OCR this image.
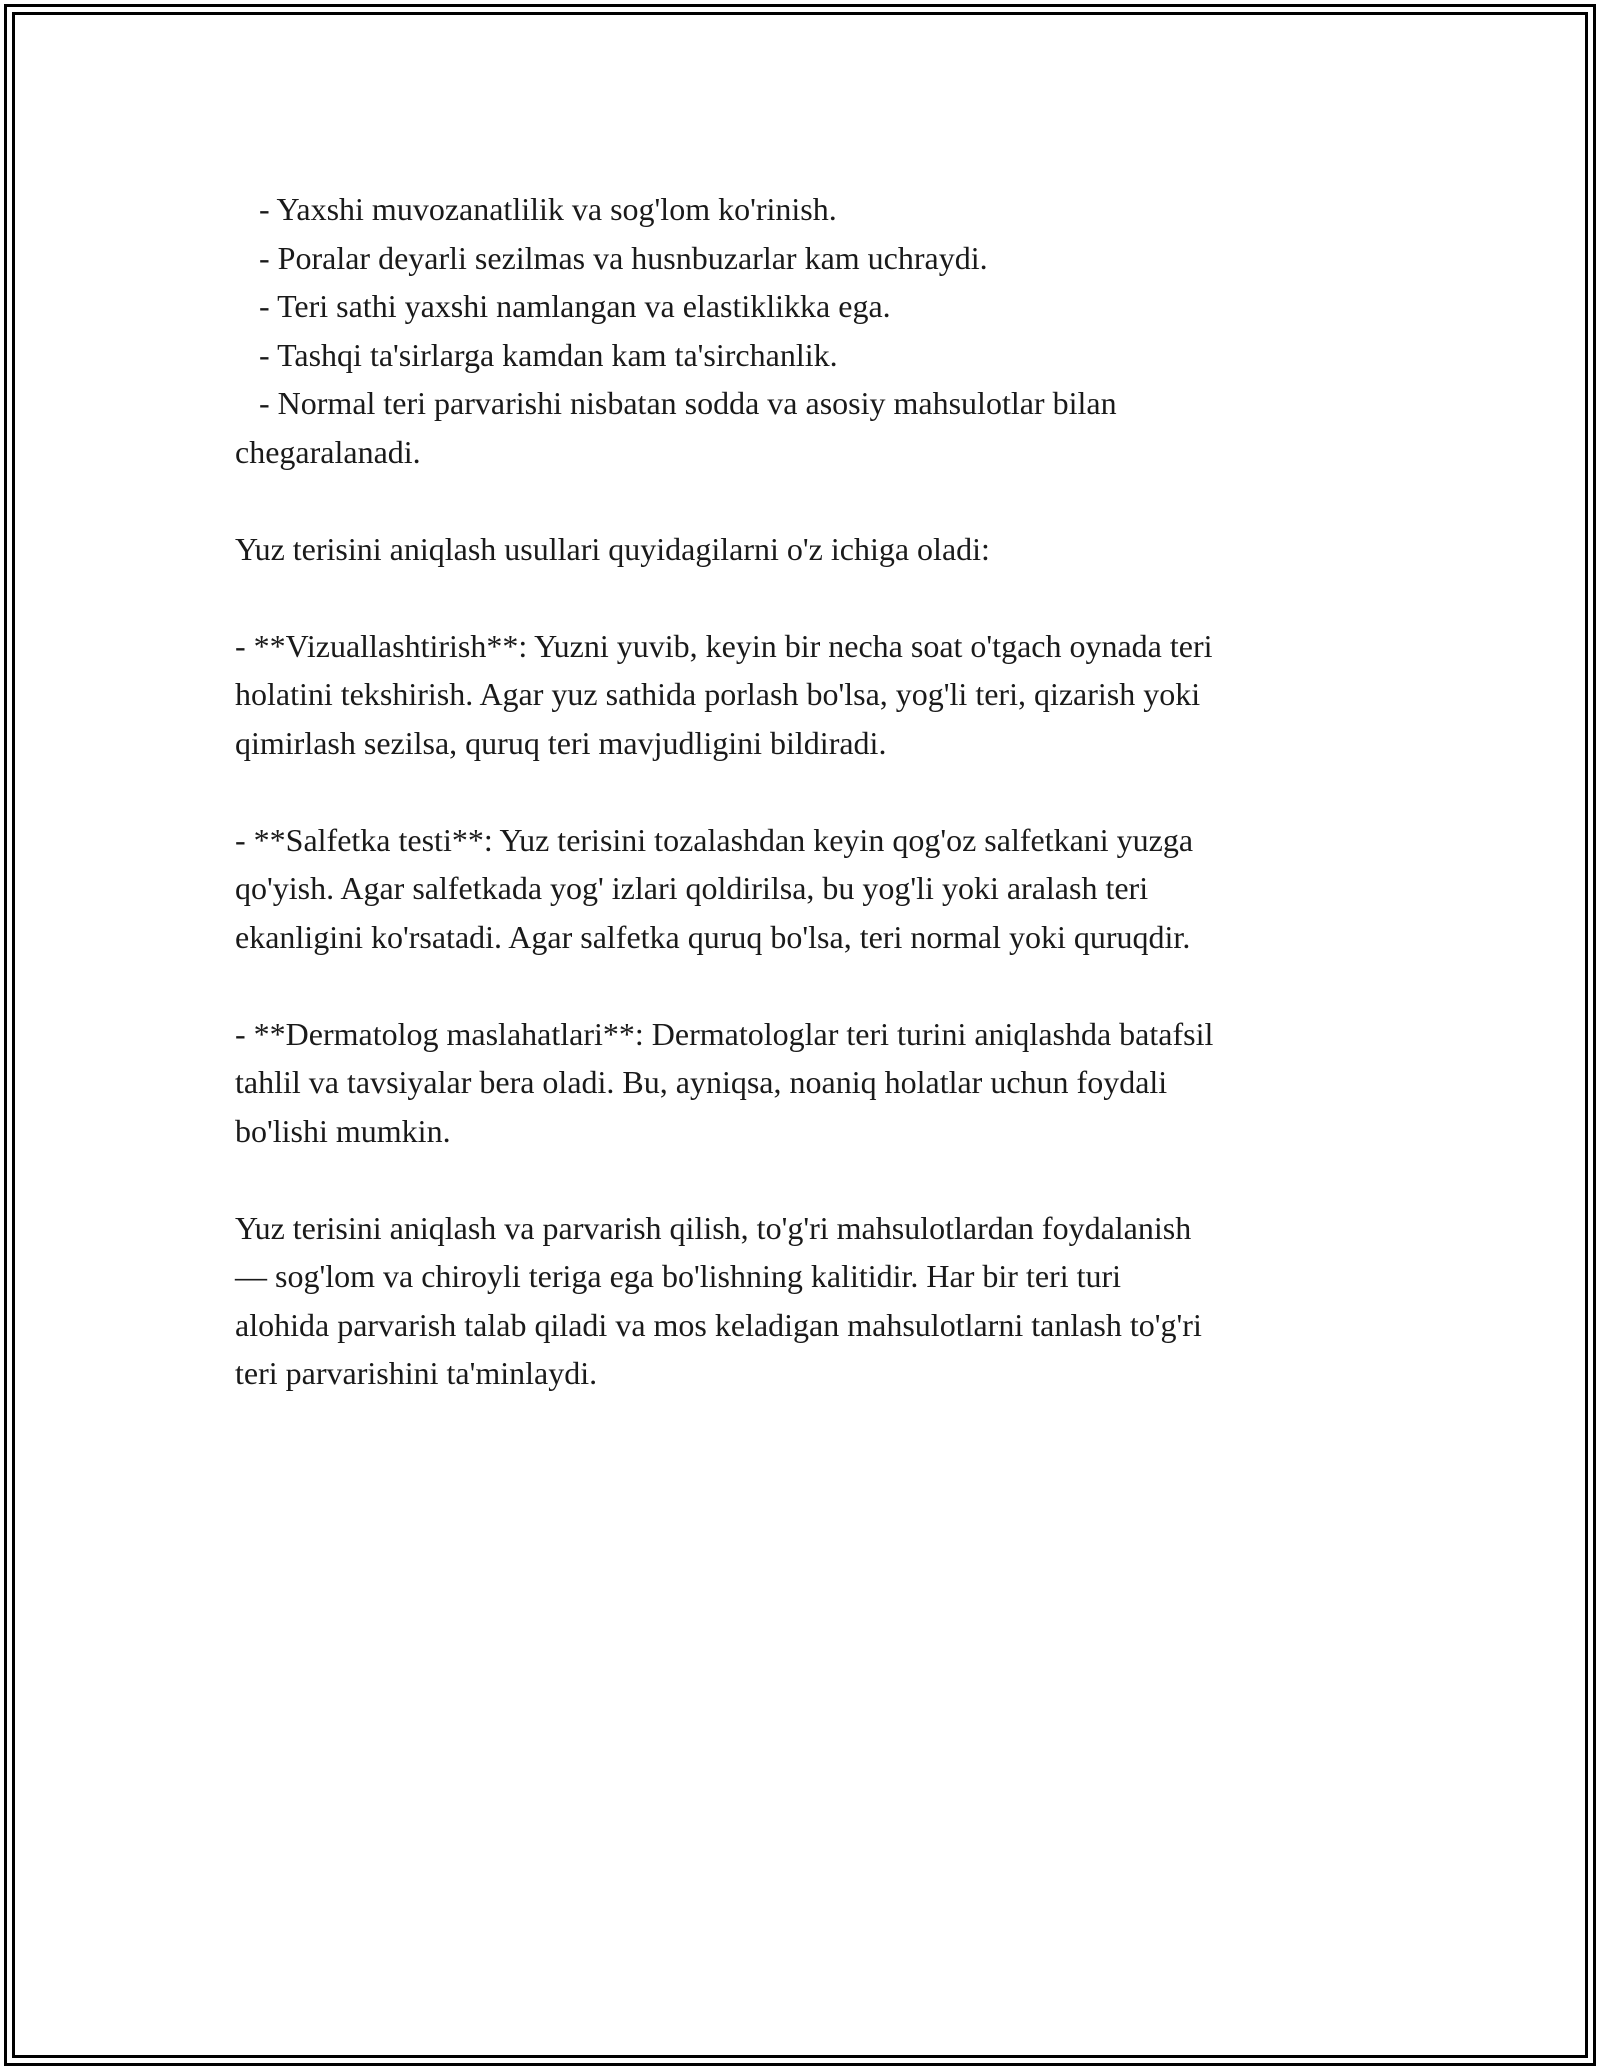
- Yaxshi muvozanatlilik va sog'lom ko'rinish.
- Poralar deyarli sezilmas va husnbuzarlar kam uchraydi.
- Teri sathi yaxshi namlangan va elastiklikka ega.
- Tashqi ta'sirlarga kamdan kam ta'sirchanlik.
- Normal teri parvarishi nisbatan sodda va asosiy mahsulotlar bilan
chegaralanadi.
Yuz terisini aniqlash usullari quyidagilarni o'z ichiga oladi:
- **Vizuallashtirish**: Yuzni yuvib, keyin bir necha soat o'tgach oynada teri
holatini tekshirish. Agar yuz sathida porlash bo'lsa, yog'li teri, qizarish yoki
qimirlash sezilsa, quruq teri mavjudligini bildiradi.
- **Salfetka testi**: Yuz terisini tozalashdan keyin qog'oz salfetkani yuzga
qo'yish. Agar salfetkada yog' izlari qoldirilsa, bu yog'li yoki aralash teri
ekanligini ko'rsatadi. Agar salfetka quruq bo'lsa, teri normal yoki quruqdir.
- **Dermatolog maslahatlari**: Dermatologlar teri turini aniqlashda batafsil
tahlil va tavsiyalar bera oladi. Bu, ayniqsa, noaniq holatlar uchun foydali
bo'lishi mumkin.
Yuz terisini aniqlash va parvarish qilish, to'g'ri mahsulotlardan foydalanish
— sog'lom va chiroyli teriga ega bo'lishning kalitidir. Har bir teri turi
alohida parvarish talab qiladi va mos keladigan mahsulotlarni tanlash to'g'ri
teri parvarishini ta'minlaydi.
